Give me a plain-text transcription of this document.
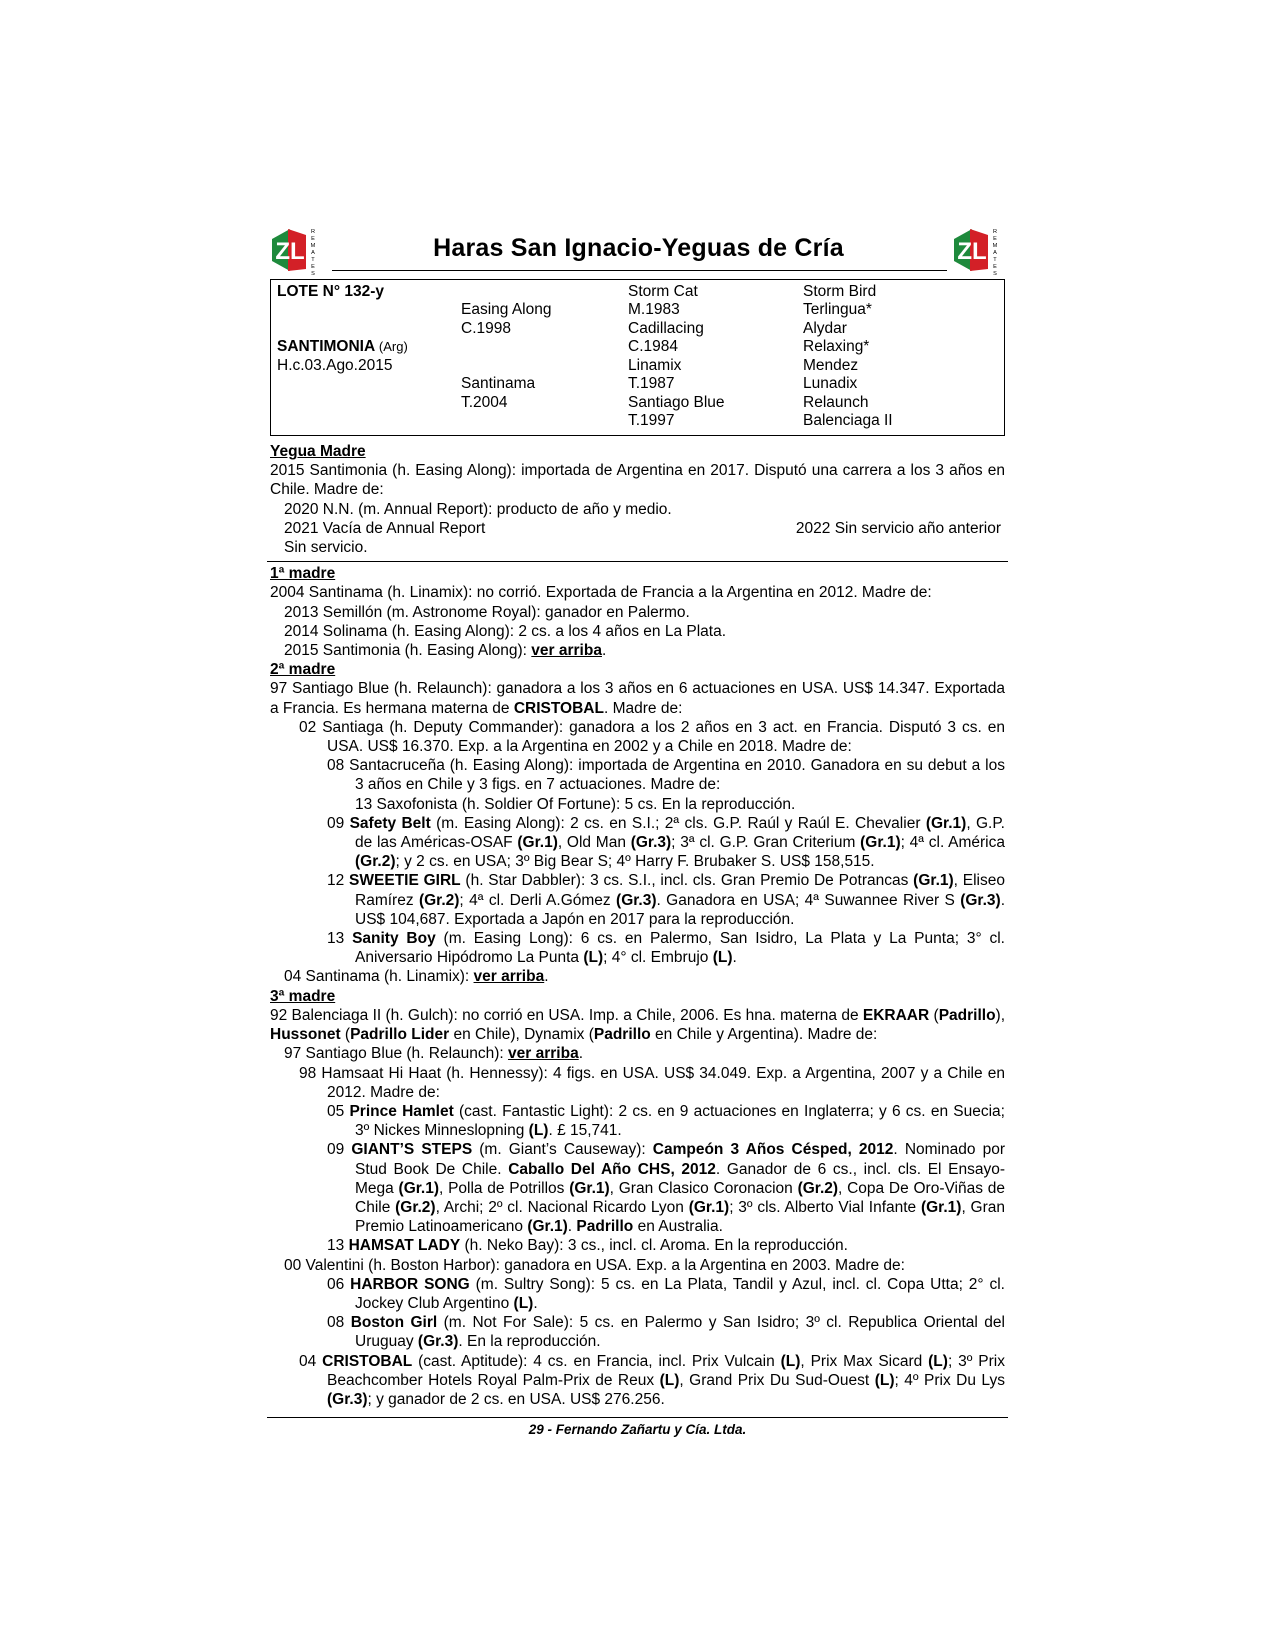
ZL
R
E
M
A
T
E
S
Haras San Ignacio-Yeguas de Cría	ZL
R
E
M
A
T
E
S
LOTE N° 132-y
SANTIMONIA (Arg)
H.c.03.Ago.2015
Easing Along
C.1998
Santinama
T.2004
Storm Cat
M.1983
Cadillacing
C.1984
Linamix
T.1987
Santiago Blue
T.1997
Storm Bird
Terlingua*
Alydar
Relaxing*
Mendez
Lunadix
Relaunch
Balenciaga II
Yegua Madre
2015 Santimonia (h. Easing Along): importada de Argentina en 2017. Disputó una carrera a los 3 años en Chile. Madre de:
2020 N.N. (m. Annual Report): producto de año y medio.
2021 Vacía de Annual Report	2022 Sin servicio año anterior
Sin servicio.
1ª madre
2004 Santinama (h. Linamix): no corrió. Exportada de Francia a la Argentina en 2012. Madre de:
2013 Semillón (m. Astronome Royal): ganador en Palermo.
2014 Solinama (h. Easing Along): 2 cs. a los 4 años en La Plata.
2015 Santimonia (h. Easing Along): ver arriba.
2ª madre
97 Santiago Blue (h. Relaunch): ganadora a los 3 años en 6 actuaciones en USA. US$ 14.347. Exportada a Francia. Es hermana materna de CRISTOBAL. Madre de:
02 Santiaga (h. Deputy Commander): ganadora a los 2 años en 3 act. en Francia. Disputó 3 cs. en USA. US$ 16.370. Exp. a la Argentina en 2002 y a Chile en 2018. Madre de:
08 Santacruceña (h. Easing Along): importada de Argentina en 2010. Ganadora en su debut a los 3 años en Chile y 3 figs. en 7 actuaciones. Madre de:
13 Saxofonista (h. Soldier Of Fortune): 5 cs. En la reproducción.
09 Safety Belt (m. Easing Along): 2 cs. en S.I.; 2ª cls. G.P. Raúl y Raúl E. Chevalier (Gr.1), G.P. de las Américas-OSAF (Gr.1), Old Man (Gr.3); 3ª cl. G.P. Gran Criterium (Gr.1); 4ª cl. América (Gr.2); y 2 cs. en USA; 3º Big Bear S; 4º Harry F. Brubaker S. US$ 158,515.
12 SWEETIE GIRL (h. Star Dabbler): 3 cs. S.I., incl. cls. Gran Premio De Potrancas (Gr.1), Eliseo Ramírez (Gr.2); 4ª cl. Derli A.Gómez (Gr.3). Ganadora en USA; 4ª Suwannee River S (Gr.3). US$ 104,687. Exportada a Japón en 2017 para la reproducción.
13 Sanity Boy (m. Easing Long): 6 cs. en Palermo, San Isidro, La Plata y La Punta; 3° cl. Aniversario Hipódromo La Punta (L); 4° cl. Embrujo (L).
04 Santinama (h. Linamix): ver arriba.
3ª madre
92 Balenciaga II (h. Gulch): no corrió en USA. Imp. a Chile, 2006. Es hna. materna de EKRAAR (Padrillo), Hussonet (Padrillo Lider en Chile), Dynamix (Padrillo en Chile y Argentina). Madre de:
97 Santiago Blue (h. Relaunch): ver arriba.
98 Hamsaat Hi Haat (h. Hennessy): 4 figs. en USA. US$ 34.049. Exp. a Argentina, 2007 y a Chile en 2012. Madre de:
05 Prince Hamlet (cast. Fantastic Light): 2 cs. en 9 actuaciones en Inglaterra; y 6 cs. en Suecia; 3º Nickes Minneslopning (L). £ 15,741.
09 GIANT’S STEPS (m. Giant’s Causeway): Campeón 3 Años Césped, 2012. Nominado por Stud Book De Chile. Caballo Del Año CHS, 2012. Ganador de 6 cs., incl. cls. El Ensayo-Mega (Gr.1), Polla de Potrillos (Gr.1), Gran Clasico Coronacion (Gr.2), Copa De Oro-Viñas de Chile (Gr.2), Archi; 2º cl. Nacional Ricardo Lyon (Gr.1); 3º cls. Alberto Vial Infante (Gr.1), Gran Premio Latinoamericano (Gr.1). Padrillo en Australia.
13 HAMSAT LADY (h. Neko Bay): 3 cs., incl. cl. Aroma. En la reproducción.
00 Valentini (h. Boston Harbor): ganadora en USA. Exp. a la Argentina en 2003. Madre de:
06 HARBOR SONG (m. Sultry Song): 5 cs. en La Plata, Tandil y Azul, incl. cl. Copa Utta; 2° cl. Jockey Club Argentino (L).
08 Boston Girl (m. Not For Sale): 5 cs. en Palermo y San Isidro; 3º cl. Republica Oriental del Uruguay (Gr.3). En la reproducción.
04 CRISTOBAL (cast. Aptitude): 4 cs. en Francia, incl. Prix Vulcain (L), Prix Max Sicard (L); 3º Prix Beachcomber Hotels Royal Palm-Prix de Reux (L), Grand Prix Du Sud-Ouest (L); 4º Prix Du Lys (Gr.3); y ganador de 2 cs. en USA. US$ 276.256.
29 - Fernando Zañartu y Cía. Ltda.
